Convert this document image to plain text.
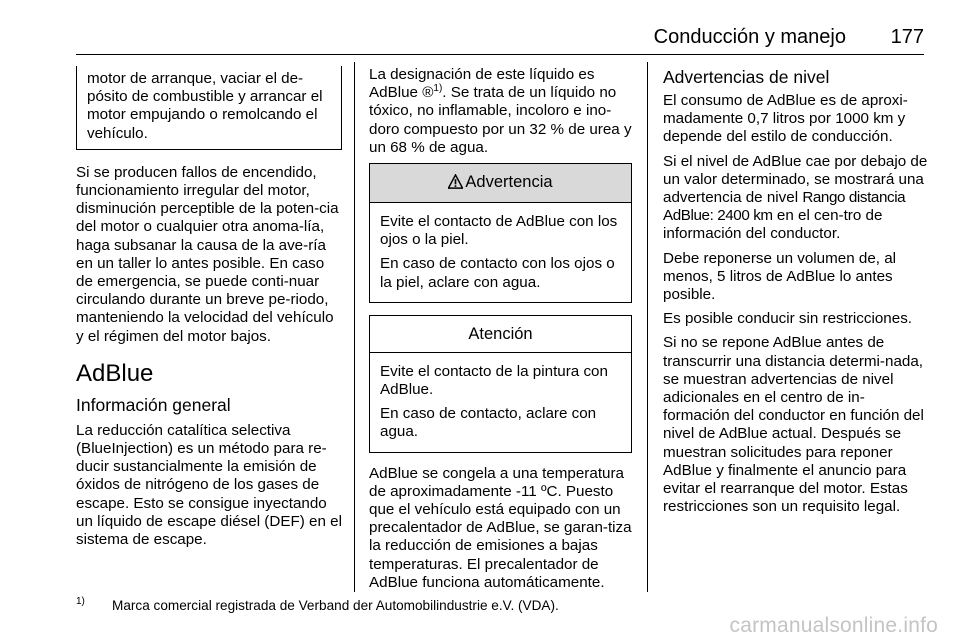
Conducción y manejo 177
motor de arranque, vaciar el de-pósito de combustible y arrancar el motor empujando o remolcando el vehículo.

Si se producen fallos de encendido, funcionamiento irregular del motor, disminución perceptible de la poten-cia del motor o cualquier otra anoma-lía, haga subsanar la causa de la ave-ría en un taller lo antes posible. En caso de emergencia, se puede conti-nuar circulando durante un breve pe-riodo, manteniendo la velocidad del vehículo y el régimen del motor bajos.

AdBlue
Información general

La reducción catalítica selectiva (BlueInjection) es un método para re-ducir sustancialmente la emisión de óxidos de nitrógeno de los gases de escape. Esto se consigue inyectando un líquido de escape diésel (DEF) en el sistema de escape.

La designación de este líquido es AdBlue ®$^{1)}$. Se trata de un líquido no tóxico, no inflamable, incoloro e ino-doro compuesto por un 32 % de urea y un 68 % de agua.

Advertencia

Evite el contacto de AdBlue con los ojos o la piel.

En caso de contacto con los ojos o la piel, aclare con agua.

Atención

Evite el contacto de la pintura con AdBlue.

En caso de contacto, aclare con agua.

AdBlue se congela a una temperatura de aproximadamente -11 ºC. Puesto que el vehículo está equipado con un precalentador de AdBlue, se garan-tiza la reducción de emisiones a bajas temperaturas. El precalentador de AdBlue funciona automáticamente.

Advertencias de nivel

El consumo de AdBlue es de aproxi-madamente 0,7 litros por 1000 km y depende del estilo de conducción.

Si el nivel de AdBlue cae por debajo de un valor determinado, se mostrará una advertencia de nivel Rango distancia AdBlue: 2400 km en el cen-tro de información del conductor.

Debe reponerse un volumen de, al menos, 5 litros de AdBlue lo antes posible.

Es posible conducir sin restricciones.

Si no se repone AdBlue antes de transcurrir una distancia determi-nada, se muestran advertencias de nivel adicionales en el centro de in-formación del conductor en función del nivel de AdBlue actual. Después se muestran solicitudes para reponer AdBlue y finalmente el anuncio para evitar el rearranque del motor. Estas restricciones son un requisito legal.

1) Marca comercial registrada de Verband der Automobilindustrie e.V. (VDA).
carmanualsonline.info
